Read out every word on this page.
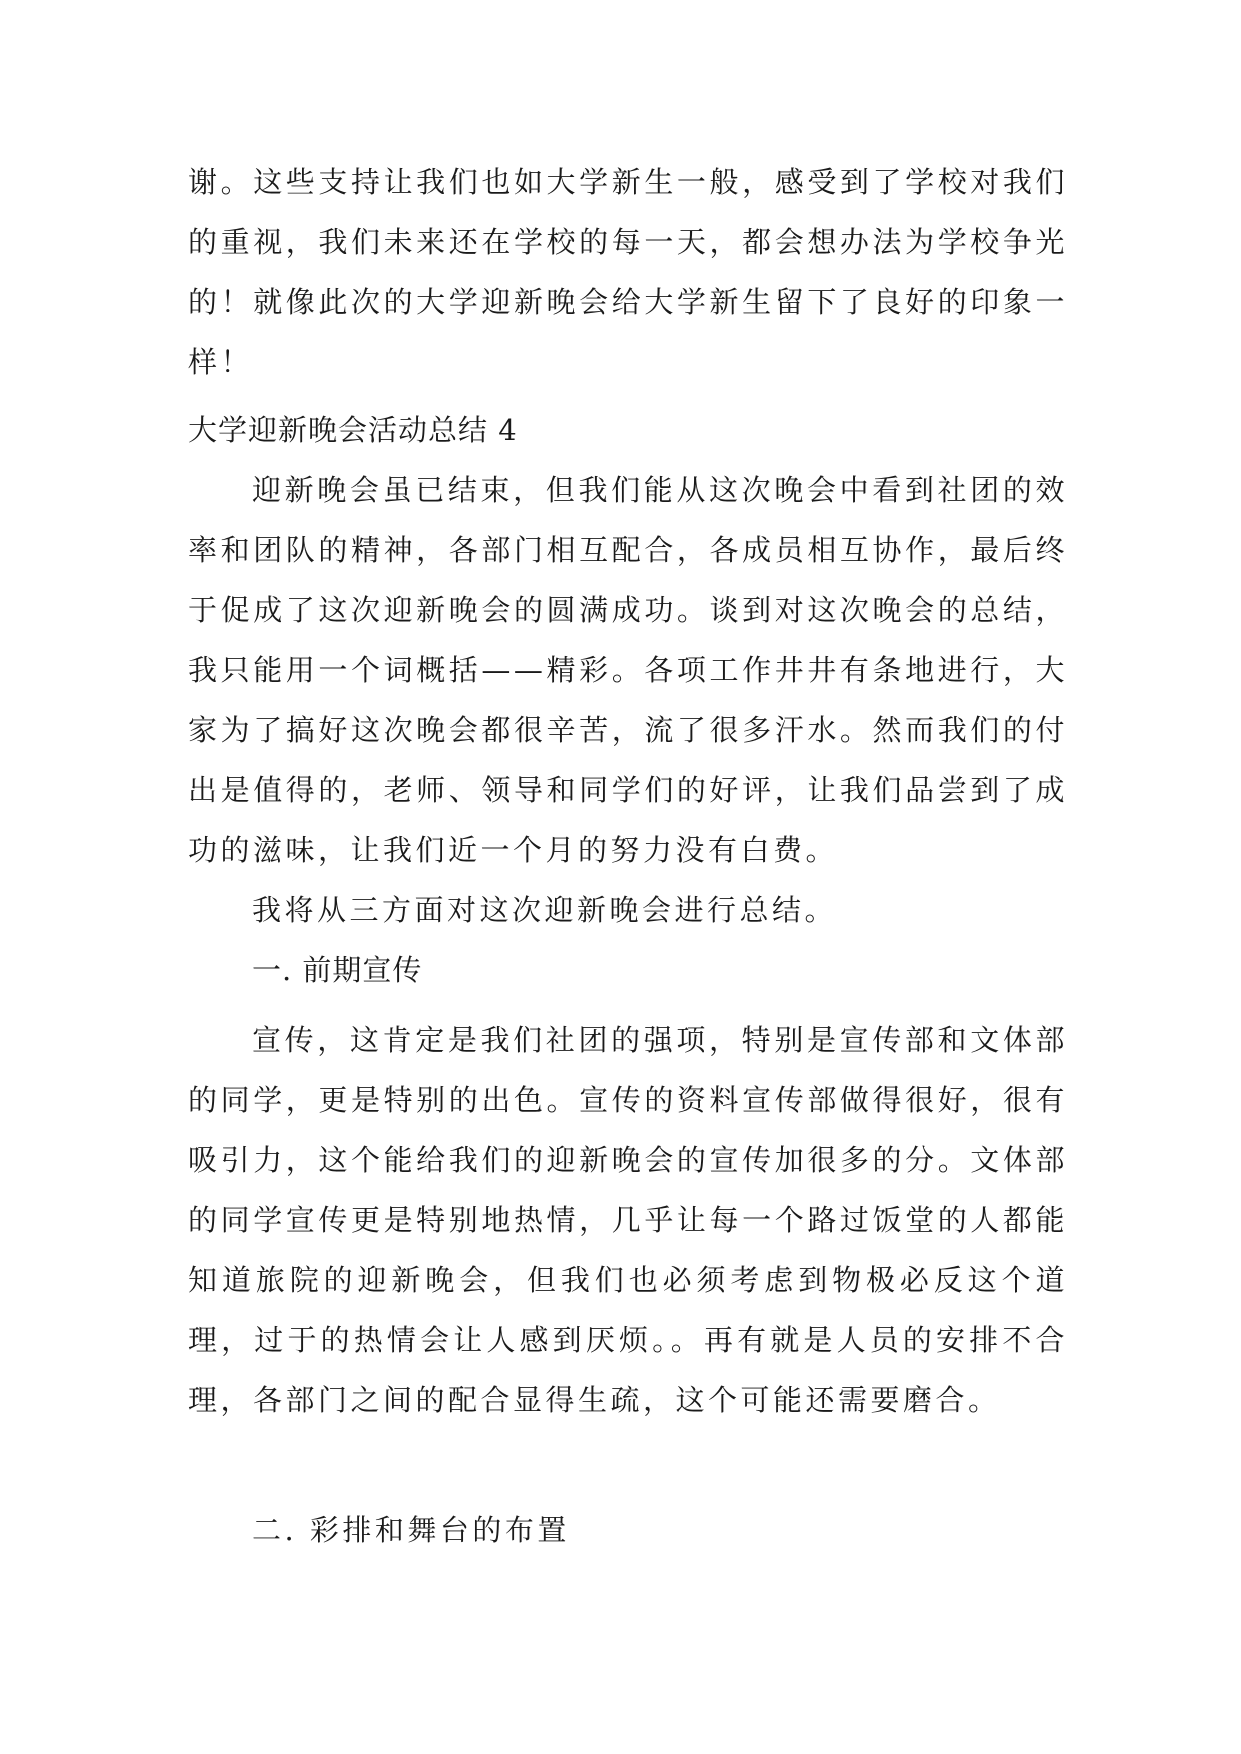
谢。这些支持让我们也如大学新生一般，感受到了学校对我们的重视，我们未来还在学校的每一天，都会想办法为学校争光的！就像此次的大学迎新晚会给大学新生留下了良好的印象一样！

大学迎新晚会活动总结 4

迎新晚会虽已结束，但我们能从这次晚会中看到社团的效率和团队的精神，各部门相互配合，各成员相互协作，最后终于促成了这次迎新晚会的圆满成功。谈到对这次晚会的总结，我只能用一个词概括——精彩。各项工作井井有条地进行，大家为了搞好这次晚会都很辛苦，流了很多汗水。然而我们的付出是值得的，老师、领导和同学们的好评，让我们品尝到了成功的滋味，让我们近一个月的努力没有白费。

我将从三方面对这次迎新晚会进行总结。

一. 前期宣传

宣传，这肯定是我们社团的强项，特别是宣传部和文体部的同学，更是特别的出色。宣传的资料宣传部做得很好，很有吸引力，这个能给我们的迎新晚会的宣传加很多的分。文体部的同学宣传更是特别地热情，几乎让每一个路过饭堂的人都能知道旅院的迎新晚会，但我们也必须考虑到物极必反这个道理，过于的热情会让人感到厌烦。。再有就是人员的安排不合理，各部门之间的配合显得生疏，这个可能还需要磨合。

二. 彩排和舞台的布置
